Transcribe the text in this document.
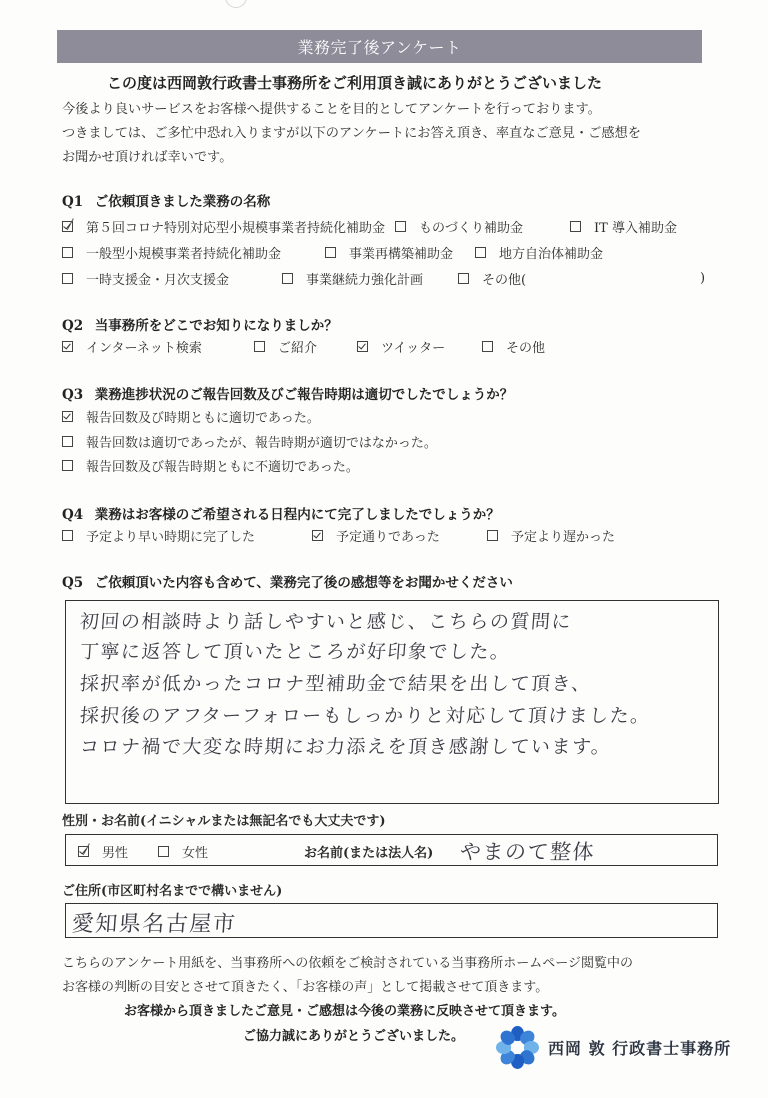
業務完了後アンケート
この度は西岡敦行政書士事務所をご利用頂き誠にありがとうございました
今後より良いサービスをお客様へ提供することを目的としてアンケートを行っております。
つきましては、ご多忙中恐れ入りますが以下のアンケートにお答え頂き、率直なご意見・ご感想を
お聞かせ頂ければ幸いです。
Q1 ご依頼頂きました業務の名称
第５回コロナ特別対応型小規模事業者持続化補助金	ものづくり補助金	IT 導入補助金
一般型小規模事業者持続化補助金	事業再構築補助金	地方自治体補助金
一時支援金・月次支援金	事業継続力強化計画	その他(	)
Q2 当事務所をどこでお知りになりましか？
インターネット検索	ご紹介	ツイッター	その他
Q3 業務進捗状況のご報告回数及びご報告時期は適切でしたでしょうか？
報告回数及び時期ともに適切であった。
報告回数は適切であったが、報告時期が適切ではなかった。
報告回数及び報告時期ともに不適切であった。
Q4 業務はお客様のご希望される日程内にて完了しましたでしょうか？
予定より早い時期に完了した	予定通りであった	予定より遅かった
Q5 ご依頼頂いた内容も含めて、業務完了後の感想等をお聞かせください
初回の相談時より話しやすいと感じ、こちらの質問に
丁寧に返答して頂いたところが好印象でした。
採択率が低かったコロナ型補助金で結果を出して頂き、
採択後のアフターフォローもしっかりと対応して頂けました。
コロナ禍で大変な時期にお力添えを頂き感謝しています。
性別・お名前(イニシャルまたは無記名でも大丈夫です)
男性	女性	お名前(または法人名) やまのて整体
ご住所(市区町村名までで構いません)
愛知県名古屋市
こちらのアンケート用紙を、当事務所への依頼をご検討されている当事務所ホームページ閲覧中の
お客様の判断の目安とさせて頂きたく、「お客様の声」として掲載させて頂きます。
お客様から頂きましたご意見・ご感想は今後の業務に反映させて頂きます。
ご協力誠にありがとうございました。
西岡 敦 行政書士事務所
